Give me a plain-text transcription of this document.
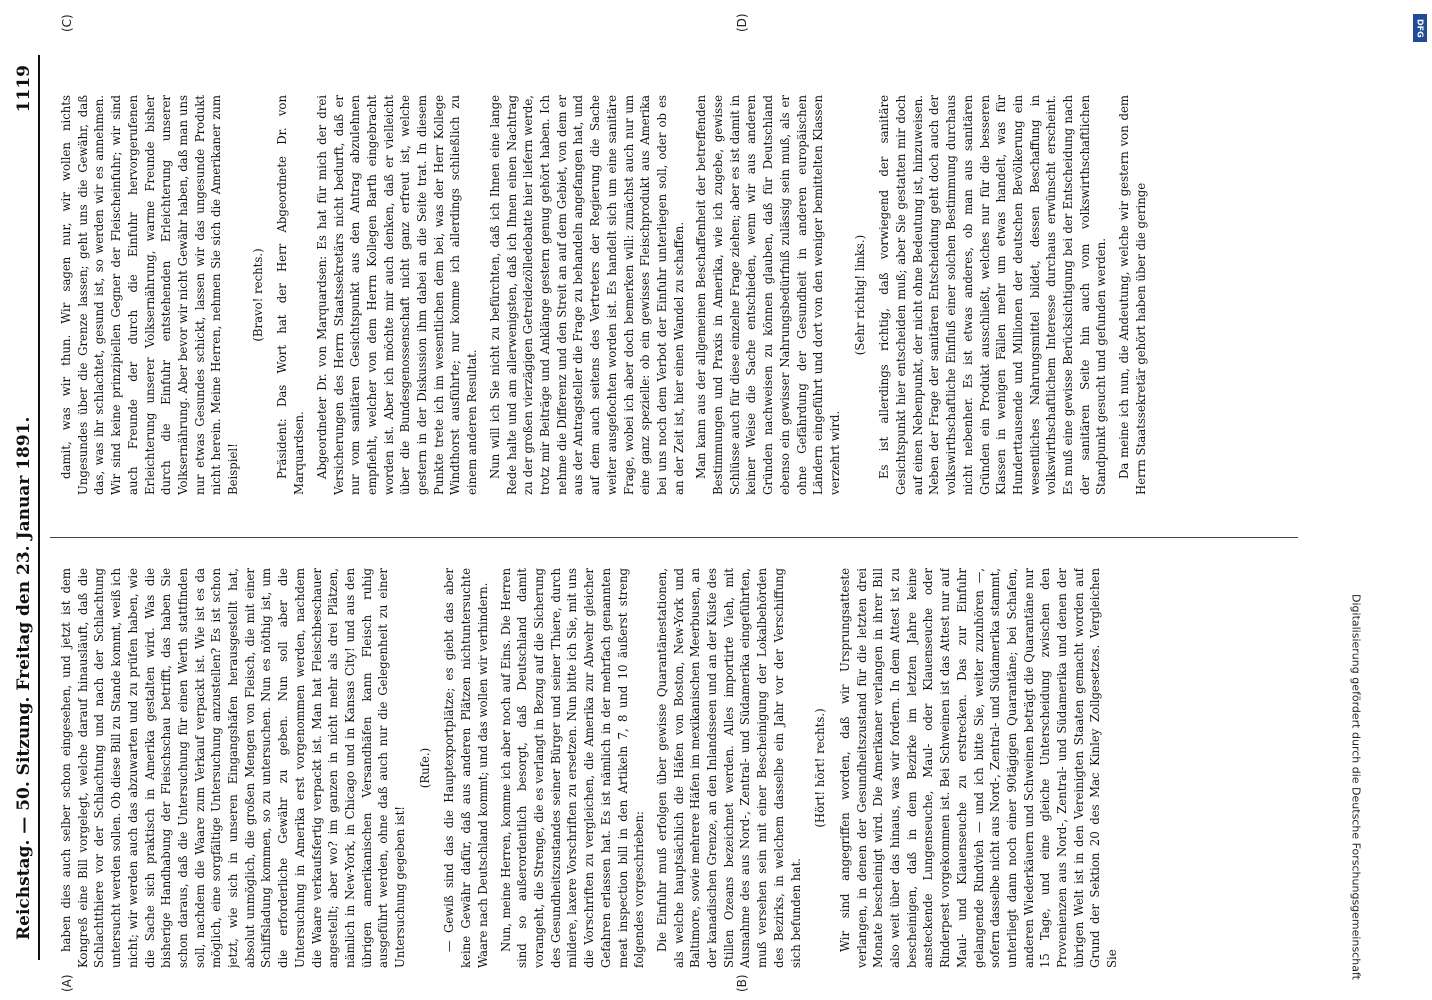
Reichstag. — 50. Sitzung. Freitag den 23. Januar 1891.
1119
(A)	(B)
(C)	(D)

haben dies auch selber schon eingesehen, und jetzt ist dem Kongreß eine Bill vorgelegt, welche darauf hinausläuft, daß die Schlachtthiere vor der Schlachtung und nach der Schlachtung untersucht werden sollen. Ob diese Bill zu Stande kommt, weiß ich nicht; wir werden auch das abzuwarten und zu prüfen haben, wie die Sache sich praktisch in Amerika gestalten wird. Was die bisherige Handhabung der Fleischschau betrifft, das haben Sie schon daraus, daß die Untersuchung für einen Werth stattfinden soll, nachdem die Waare zum Verkauf verpackt ist. Wie ist es da möglich, eine sorgfältige Untersuchung anzustellen? Es ist schon jetzt, wie sich in unseren Eingangshäfen herausgestellt hat, absolut unmöglich, die großen Mengen von Fleisch, die mit einer Schiffsladung kommen, so zu untersuchen. Nun es nöthig ist, um die erforderliche Gewähr zu geben. Nun soll aber die Untersuchung in Amerika erst vorgenommen werden, nachdem die Waare verkaufsfertig verpackt ist. Man hat Fleischbeschauer angestellt; aber wo? im ganzen in nicht mehr als drei Plätzen, nämlich in New-York, in Chicago und in Kansas City! und aus den übrigen amerikanischen Versandhäfen kann Fleisch ruhig ausgeführt werden, ohne daß auch nur die Gelegenheit zu einer Untersuchung gegeben ist!

(Rufe.) — Gewiß sind das die Hauptexportplätze; es giebt das aber keine Gewähr dafür, daß aus anderen Plätzen nichtuntersuchte Waare nach Deutschland kommt; und das wollen wir verhindern. Nun, meine Herren, komme ich aber noch auf Eins. Die Herren sind so außerordentlich besorgt, daß Deutschland damit vorangeht, die Strenge, die es verlangt in Bezug auf die Sicherung des Gesundheitszustandes seiner Bürger und seiner Thiere, durch mildere, laxere Vorschriften zu ersetzen. Nun bitte ich Sie, mit uns die Vorschriften zu vergleichen, die Amerika zur Abwehr gleicher Gefahren erlassen hat. Es ist nämlich in der mehrfach genannten meat inspection bill in den Artikeln 7, 8 und 10 äußerst streng folgendes vorgeschrieben: Die Einfuhr muß erfolgen über gewisse Quarantänestationen, als welche hauptsächlich die Häfen von Boston, New-York und Baltimore, sowie mehrere Häfen im mexikanischen Meerbusen, an der kanadischen Grenze, an den Inlandsseen und an der Küste des Stillen Ozeans bezeichnet werden. Alles importirte Vieh, mit Ausnahme des aus Nord-, Zentral- und Südamerika eingeführten, muß versehen sein mit einer Bescheinigung der Lokalbehörden des Bezirks, in welchem dasselbe ein Jahr vor der Verschiffung sich befunden hat.

(Hört! hört! rechts.) Wir sind angegriffen worden, daß wir Ursprungsatteste verlangen, in denen der Gesundheitszustand für die letzten drei Monate bescheinigt wird. Die Amerikaner verlangen in ihrer Bill also weit über das hinaus, was wir fordern. In dem Attest ist zu bescheinigen, daß in dem Bezirke im letzten Jahre keine ansteckende Lungenseuche, Maul- oder Klauenseuche oder Rinderpest vorgekommen ist. Bei Schweinen ist das Attest nur auf Maul- und Klauenseuche zu erstrecken. Das zur Einfuhr gelangende Rindvieh — und ich bitte Sie, weiter zuzuhören —, sofern dasselbe nicht aus Nord-, Zentral- und Südamerika stammt, unterliegt dann noch einer 90tägigen Quarantäne; bei Schafen, anderen Wiederkäuern und Schweinen beträgt die Quarantäne nur 15 Tage, und eine gleiche Unterscheidung zwischen den Provenienzen aus Nord-, Zentral- und Südamerika und denen der übrigen Welt ist in den Vereinigten Staaten gemacht worden auf Grund der Sektion 20 des Mac Kinley Zollgesetzes. Vergleichen Sie

damit, was wir thun. Wir sagen nur, wir wollen nichts Ungesundes über die Grenze lassen; geht uns die Gewähr, daß das, was ihr schlachtet, gesund ist, so werden wir es annehmen. Wir sind keine prinzipiellen Gegner der Fleischeinfuhr; wir sind auch Freunde der durch die Einfuhr hervorgerufenen Erleichterung unserer Volksernährung, warme Freunde bisher durch die Einfuhr entstehenden Erleichterung unserer Volksernährung. Aber bevor wir nicht Gewähr haben, daß man uns nur etwas Gesundes schickt, lassen wir das ungesunde Produkt nicht herein. Meine Herren, nehmen Sie sich die Amerikaner zum Beispiel!

(Bravo! rechts.) Präsident: Das Wort hat der Herr Abgeordnete Dr. von Marquardsen. Abgeordneter Dr. von Marquardsen: Es hat für mich der drei Versicherungen des Herrn Staatssekretärs nicht bedurft, daß er nur vom sanitären Gesichtspunkt aus den Antrag abzulehnen empfiehlt, welcher von dem Herrn Kollegen Barth eingebracht worden ist. Aber ich möchte mir auch denken, daß er vielleicht über die Bundesgenossenschaft nicht ganz erfreut ist, welche gestern in der Diskussion ihm dabei an die Seite trat. In diesem Punkte trete ich im wesentlichen dem bei, was der Herr Kollege Windthorst ausführte; nur komme ich allerdings schließlich zu einem anderen Resultat. Nun will ich Sie nicht zu befürchten, daß ich Ihnen eine lange Rede halte und am allerwenigsten, daß ich Ihnen einen Nachtrag zu der großen vierzägigen Getreidezölledebatte hier liefern werde, trotz mir Beiträge und Anklänge gestern genug gehört haben. Ich nehme die Differenz und den Streit an auf dem Gebiet, von dem er aus der Antragsteller die Frage zu behandeln angefangen hat, und auf dem auch seitens des Vertreters der Regierung die Sache weiter ausgefochten worden ist. Es handelt sich um eine sanitäre Frage, wobei ich aber doch bemerken will: zunächst auch nur um eine ganz spezielle: ob ein gewisses Fleischprodukt aus Amerika bei uns noch dem Verbot der Einfuhr unterliegen soll, oder ob es an der Zeit ist, hier einen Wandel zu schaffen. Man kann aus der allgemeinen Beschaffenheit der betreffenden Bestimmungen und Praxis in Amerika, wie ich zugebe, gewisse Schlüsse auch für diese einzelne Frage ziehen; aber es ist damit in keiner Weise die Sache entschieden, wenn wir aus anderen Gründen nachweisen zu können glauben, daß für Deutschland ebenso ein gewisser Nahrungsbedürfniß zulässig sein muß, als er ohne Gefährdung der Gesundheit in anderen europäischen Ländern eingeführt und dort von den weniger bemittelten Klassen verzehrt wird.

(Sehr richtig! links.) Es ist allerdings richtig, daß vorwiegend der sanitäre Gesichtspunkt hier entscheiden muß; aber Sie gestatten mir doch auf einen Nebenpunkt, der nicht ohne Bedeutung ist, hinzuweisen. Neben der Frage der sanitären Entscheidung geht doch auch der volkswirthschaftliche Einfluß einer solchen Bestimmung durchaus nicht nebenher. Es ist etwas anderes, ob man aus sanitären Gründen ein Produkt ausschließt, welches nur für die besseren Klassen in wenigen Fällen mehr um etwas handelt, was für Hunderttausende und Millionen der deutschen Bevölkerung ein wesentliches Nahrungsmittel bildet, dessen Beschaffung in volkswirthschaftlichem Interesse durchaus erwünscht erscheint. Es muß eine gewisse Berücksichtigung bei der Entscheidung nach der sanitären Seite hin auch vom volkswirthschaftlichen Standpunkt gesucht und gefunden werden. Da meine ich nun, die Andeutung, welche wir gestern von dem Herrn Staatssekretär gehört haben über die geringe

Digitalisierung gefördert durch die Deutsche Forschungsgemeinschaft
DFG
